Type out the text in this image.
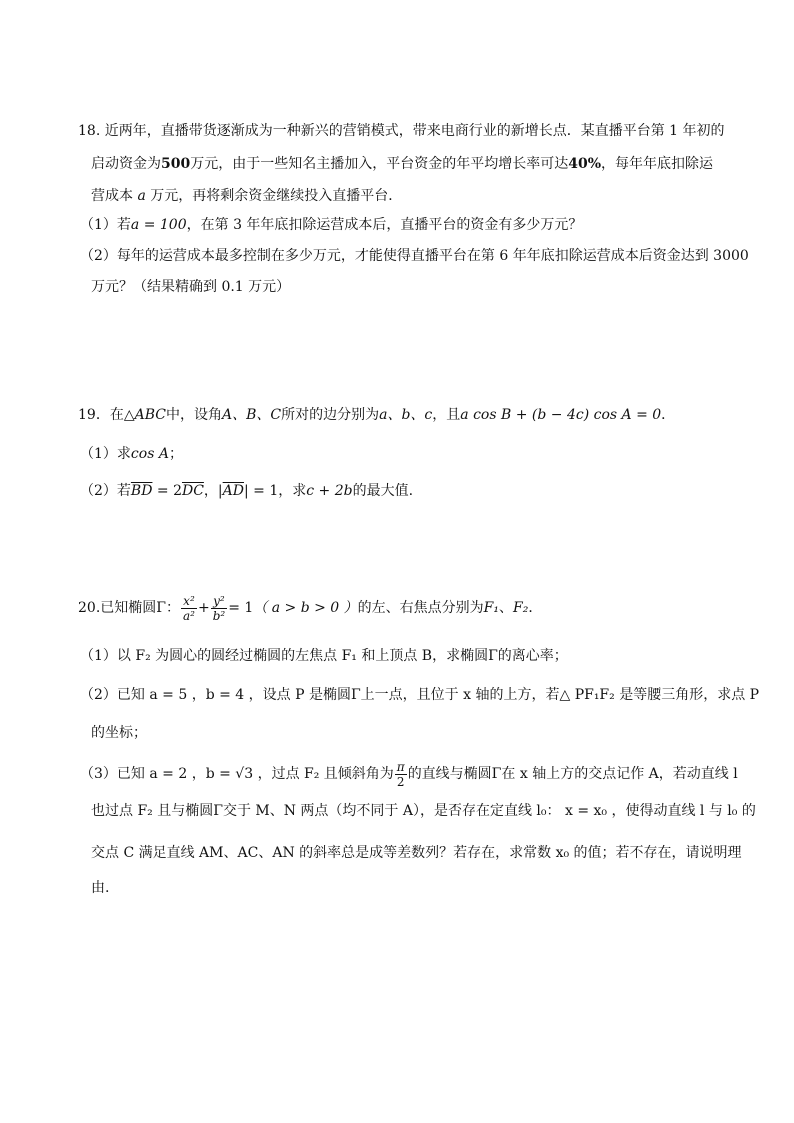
18. 近两年，直播带货逐渐成为一种新兴的营销模式，带来电商行业的新增长点．某直播平台第 1 年初的
启动资金为500万元，由于一些知名主播加入，平台资金的年平均增长率可达40%，每年年底扣除运
营成本 a 万元，再将剩余资金继续投入直播平台．
（1）若a = 100，在第 3 年年底扣除运营成本后，直播平台的资金有多少万元？
（2）每年的运营成本最多控制在多少万元，才能使得直播平台在第 6 年年底扣除运营成本后资金达到 3000
万元？（结果精确到 0.1 万元）
19．在△ABC中，设角A、B、C所对的边分别为a、b、c，且a cos B + (b − 4c) cos A = 0．
（1）求cos A；
（2）若$\overline{BD} = 2\overline{DC}$，$|\overline{AD}| = 1$，求c + 2b的最大值.
20.已知椭圆Γ： $\frac{\text{x²}}{\text{a²}} + \frac{\text{y²}}{\text{b²}} = 1$（ a > b > 0 ）的左、右焦点分别为F₁、F₂．
（1）以 F₂ 为圆心的圆经过椭圆的左焦点 F₁ 和上顶点 B，求椭圆Γ的离心率；
（2）已知 a = 5 ，b = 4 ，设点 P 是椭圆Γ上一点，且位于 x 轴的上方，若△ PF₁F₂ 是等腰三角形，求点 P
的坐标；
（3）已知 a = 2 ，b = √3 ，过点 F₂ 且倾斜角为 $\frac{\pi}{2}$ 的直线与椭圆Γ在 x 轴上方的交点记作 A，若动直线 l
也过点 F₂ 且与椭圆Γ交于 M、N 两点（均不同于 A），是否存在定直线 l₀： x = x₀ ，使得动直线 l 与 l₀ 的
交点 C 满足直线 AM、AC、AN 的斜率总是成等差数列？若存在，求常数 x₀ 的值；若不存在，请说明理
由.
